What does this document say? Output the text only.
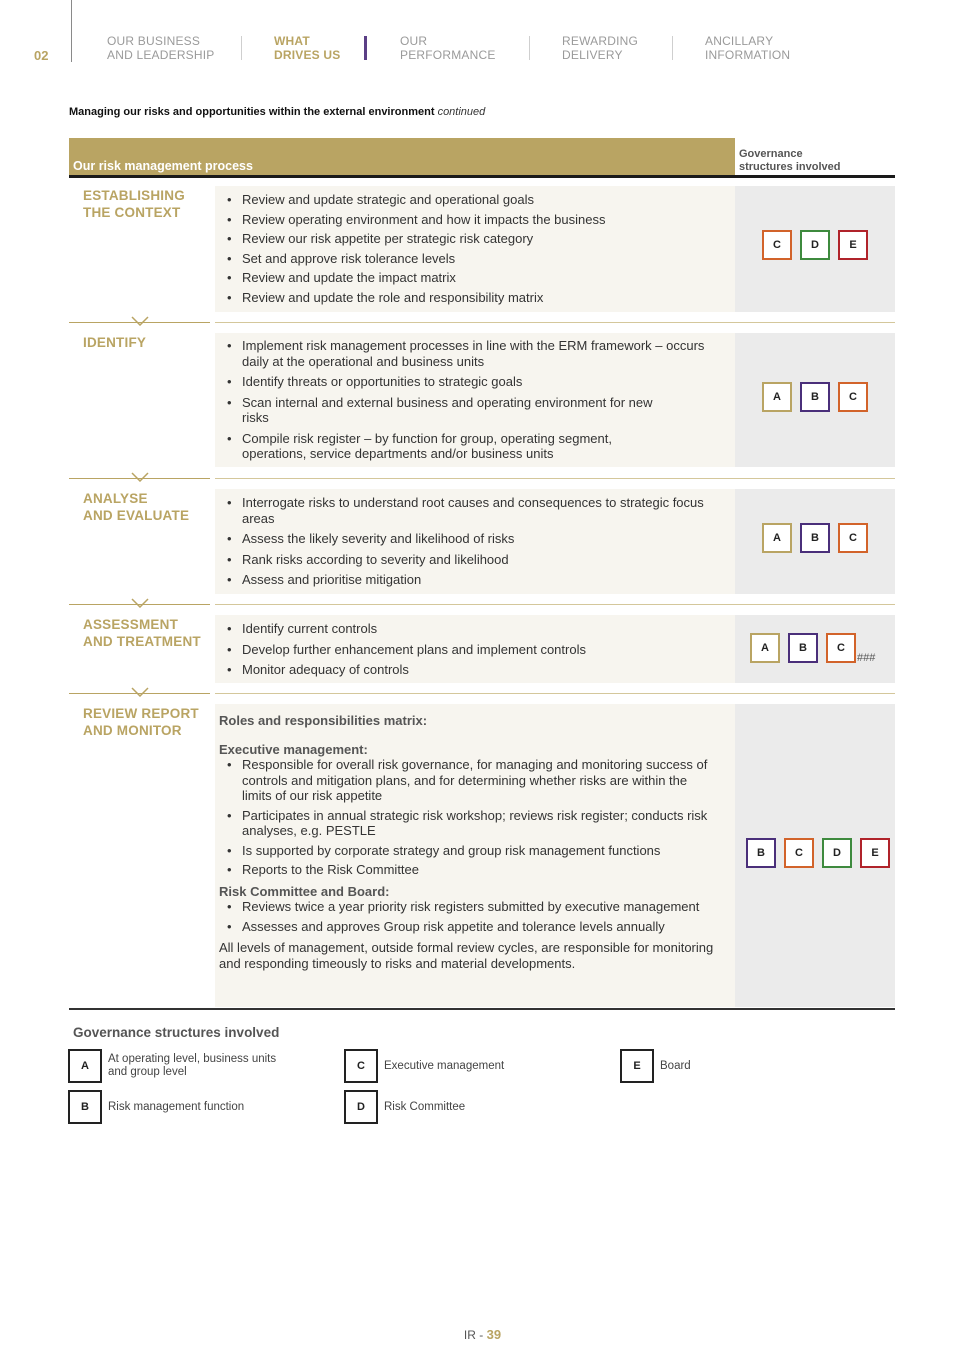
02
OUR BUSINESS
AND LEADERSHIP
WHAT
DRIVES US
OUR
PERFORMANCE
REWARDING
DELIVERY
ANCILLARY
INFORMATION
Managing our risks and opportunities within the external environment continued
Our risk management process
Governance
structures involved
ESTABLISHING
THE CONTEXT
• Review and update strategic and operational goals
• Review operating environment and how it impacts the business
• Review our risk appetite per strategic risk category
• Set and approve risk tolerance levels
• Review and update the impact matrix
• Review and update the role and responsibility matrix
C	D	E
IDENTIFY
•	Implement risk management processes in line with the ERM framework – occurs daily at the operational and business units
• Identify threats or opportunities to strategic goals
• Scan internal and external business and operating environment for new risks
• Compile risk register – by function for group, operating segment, operations, service departments and/or business units
A	B	C
ANALYSE
AND EVALUATE
• Interrogate risks to understand root causes and consequences to strategic focus areas
• Assess the likely severity and likelihood of risks
• Rank risks according to severity and likelihood
• Assess and prioritise mitigation
A	B	C
ASSESSMENT
AND TREATMENT
• Identify current controls
• Develop further enhancement plans and implement controls
• Monitor adequacy of controls
A	B	C
###
REVIEW REPORT
AND MONITOR
Roles and responsibilities matrix:
Executive management:
• Responsible for overall risk governance, for managing and monitoring success of controls and mitigation plans, and for determining whether risks are within the limits of our risk appetite
• Participates in annual strategic risk workshop; reviews risk register; conducts risk analyses, e.g. PESTLE
• Is supported by corporate strategy and group risk management functions
• Reports to the Risk Committee
Risk Committee and Board:
• Reviews twice a year priority risk registers submitted by executive management
• Assesses and approves Group risk appetite and tolerance levels annually
All levels of management, outside formal review cycles, are responsible for monitoring and responding timeously to risks and material developments.
B	C	D	E
Governance structures involved
A
At operating level, business units and group level
B	Risk management function
C	Executive management
D	Risk Committee
E	Board
IR - 39
